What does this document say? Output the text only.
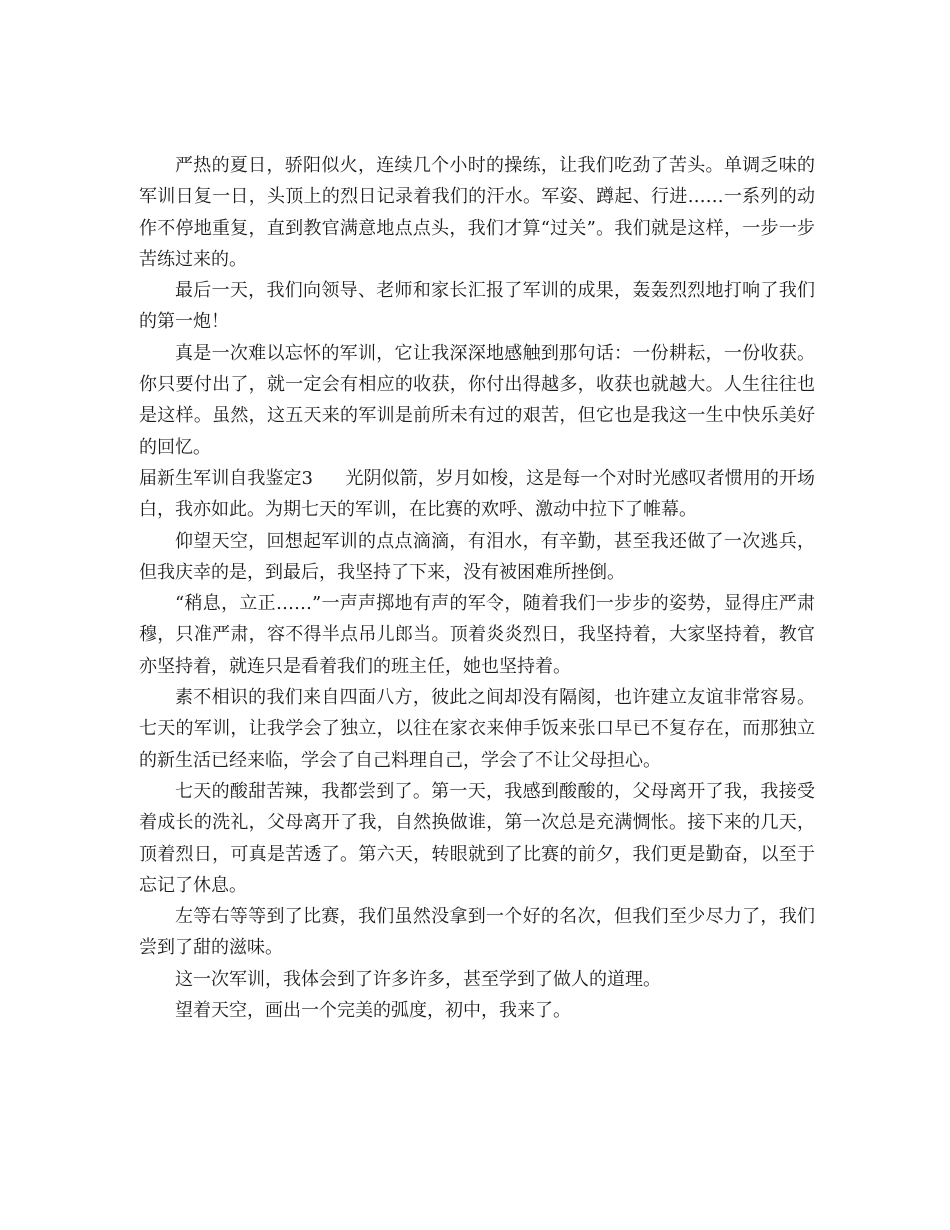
严热的夏日，骄阳似火，连续几个小时的操练，让我们吃劲了苦头。单调乏味的军训日复一日，头顶上的烈日记录着我们的汗水。军姿、蹲起、行进……一系列的动作不停地重复，直到教官满意地点点头，我们才算“过关”。我们就是这样，一步一步苦练过来的。

最后一天，我们向领导、老师和家长汇报了军训的成果，轰轰烈烈地打响了我们的第一炮！

真是一次难以忘怀的军训，它让我深深地感触到那句话：一份耕耘，一份收获。你只要付出了，就一定会有相应的收获，你付出得越多，收获也就越大。人生往往也是这样。虽然，这五天来的军训是前所未有过的艰苦，但它也是我这一生中快乐美好的回忆。

届新生军训自我鉴定3 光阴似箭，岁月如梭，这是每一个对时光感叹者惯用的开场白，我亦如此。为期七天的军训，在比赛的欢呼、激动中拉下了帷幕。

仰望天空，回想起军训的点点滴滴，有泪水，有辛勤，甚至我还做了一次逃兵，但我庆幸的是，到最后，我坚持了下来，没有被困难所挫倒。

“稍息，立正……”一声声掷地有声的军令，随着我们一步步的姿势，显得庄严肃穆，只准严肃，容不得半点吊儿郎当。顶着炎炎烈日，我坚持着，大家坚持着，教官亦坚持着，就连只是看着我们的班主任，她也坚持着。

素不相识的我们来自四面八方，彼此之间却没有隔阂，也许建立友谊非常容易。七天的军训，让我学会了独立，以往在家衣来伸手饭来张口早已不复存在，而那独立的新生活已经来临，学会了自己料理自己，学会了不让父母担心。

七天的酸甜苦辣，我都尝到了。第一天，我感到酸酸的，父母离开了我，我接受着成长的洗礼，父母离开了我，自然换做谁，第一次总是充满惆怅。接下来的几天，顶着烈日，可真是苦透了。第六天，转眼就到了比赛的前夕，我们更是勤奋，以至于忘记了休息。

左等右等等到了比赛，我们虽然没拿到一个好的名次，但我们至少尽力了，我们尝到了甜的滋味。

这一次军训，我体会到了许多许多，甚至学到了做人的道理。

望着天空，画出一个完美的弧度，初中，我来了。
